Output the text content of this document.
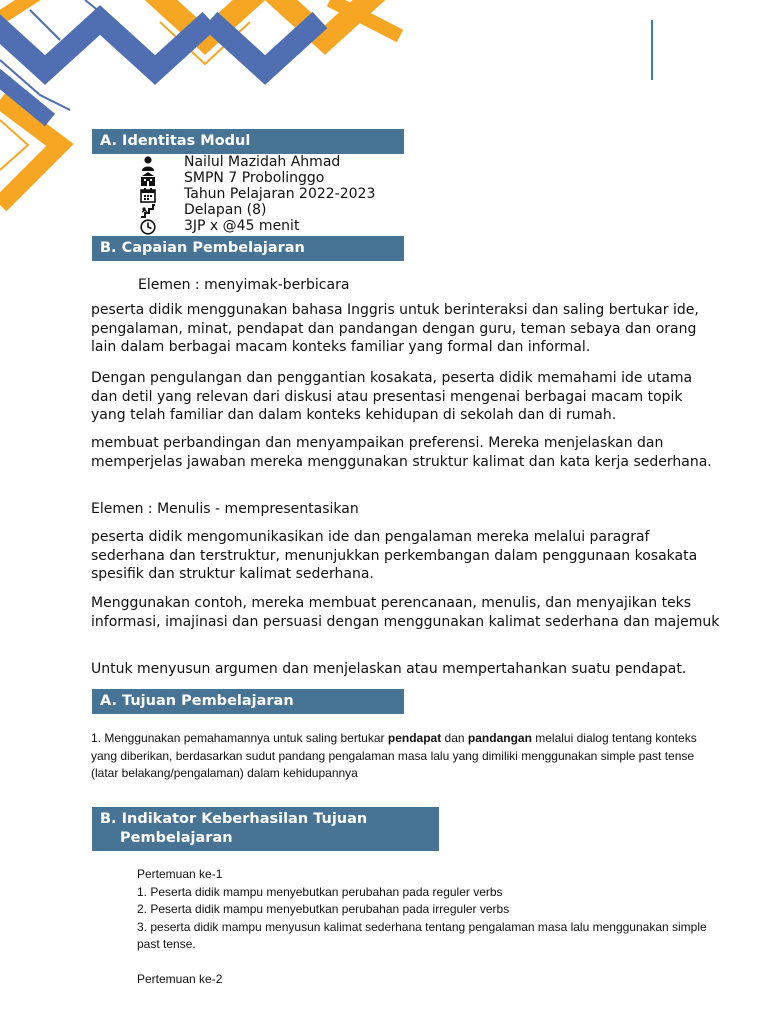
A. Identitas Modul
Nailul Mazidah Ahmad
SMPN 7 Probolinggo
Tahun Pelajaran 2022-2023
Delapan (8)
3JP x @45 menit
B. Capaian Pembelajaran

Elemen : menyimak-berbicara

peserta didik menggunakan bahasa Inggris untuk berinteraksi dan saling bertukar ide, pengalaman, minat, pendapat dan pandangan dengan guru, teman sebaya dan orang lain dalam berbagai macam konteks familiar yang formal dan informal.

Dengan pengulangan dan penggantian kosakata, peserta didik memahami ide utama dan detil yang relevan dari diskusi atau presentasi mengenai berbagai macam topik yang telah familiar dan dalam konteks kehidupan di sekolah dan di rumah.

membuat perbandingan dan menyampaikan preferensi. Mereka menjelaskan dan memperjelas jawaban mereka menggunakan struktur kalimat dan kata kerja sederhana.

Elemen : Menulis - mempresentasikan

peserta didik mengomunikasikan ide dan pengalaman mereka melalui paragraf sederhana dan terstruktur, menunjukkan perkembangan dalam penggunaan kosakata spesifik dan struktur kalimat sederhana.

Menggunakan contoh, mereka membuat perencanaan, menulis, dan menyajikan teks informasi, imajinasi dan persuasi dengan menggunakan kalimat sederhana dan majemuk

Untuk menyusun argumen dan menjelaskan atau mempertahankan suatu pendapat.

A. Tujuan Pembelajaran

1. Menggunakan pemahamannya untuk saling bertukar pendapat dan pandangan melalui dialog tentang konteks yang diberikan, berdasarkan sudut pandang pengalaman masa lalu yang dimiliki menggunakan simple past tense (latar belakang/pengalaman) dalam kehidupannya

B. Indikator Keberhasilan Tujuan
Pembelajaran
Pertemuan ke-1
1. Peserta didik mampu menyebutkan perubahan pada reguler verbs
2. Peserta didik mampu menyebutkan perubahan pada irreguler verbs
3. peserta didik mampu menyusun kalimat sederhana tentang pengalaman masa lalu menggunakan simple past tense.
Pertemuan ke-2
